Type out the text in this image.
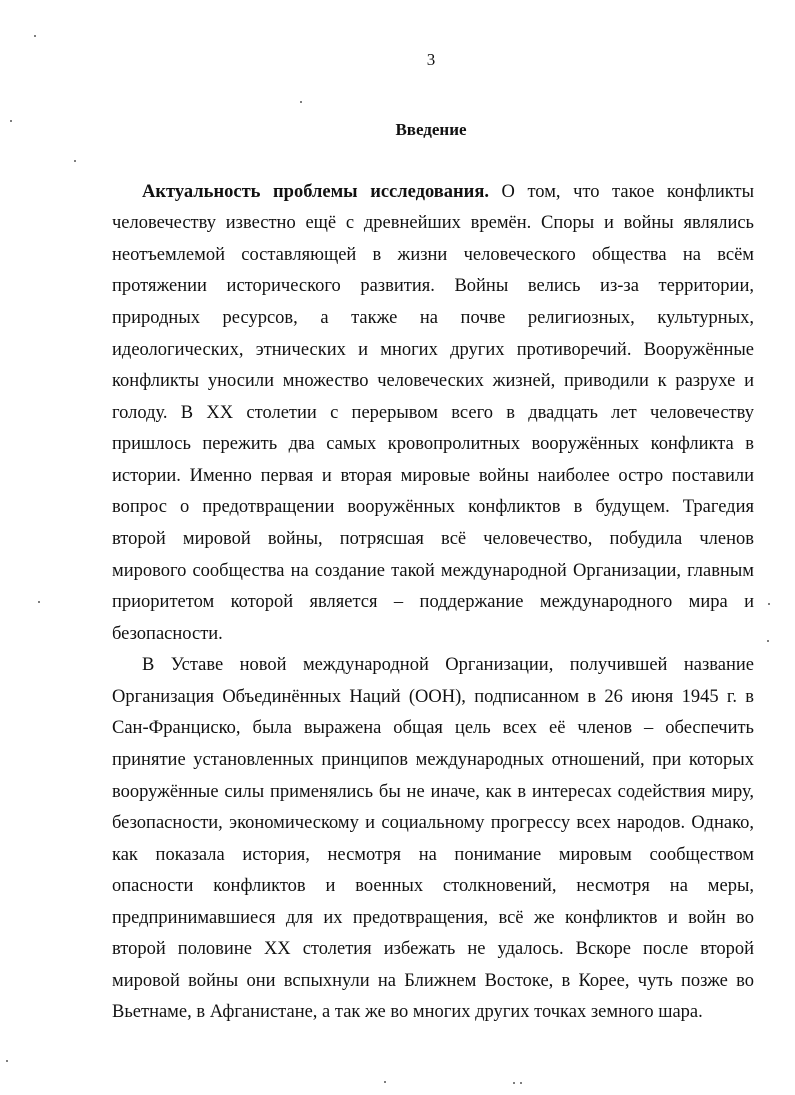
3
Введение
Актуальность проблемы исследования. О том, что такое конфликты
человечеству известно ещё с древнейших времён. Споры и войны являлись
неотъемлемой составляющей в жизни человеческого общества на всём
протяжении исторического развития. Войны велись из-за территории,
природных ресурсов, а также на почве религиозных, культурных,
идеологических, этнических и многих других противоречий. Вооружённые
конфликты уносили множество человеческих жизней, приводили к разрухе и
голоду. В XX столетии с перерывом всего в двадцать лет человечеству
пришлось пережить два самых кровопролитных вооружённых конфликта в
истории. Именно первая и вторая мировые войны наиболее остро поставили
вопрос о предотвращении вооружённых конфликтов в будущем. Трагедия
второй мировой войны, потрясшая всё человечество, побудила членов
мирового сообщества на создание такой международной Организации, главным
приоритетом которой является – поддержание международного мира и
безопасности.
В Уставе новой международной Организации, получившей название
Организация Объединённых Наций (ООН), подписанном в 26 июня 1945 г. в
Сан-Франциско, была выражена общая цель всех её членов – обеспечить
принятие установленных принципов международных отношений, при которых
вооружённые силы применялись бы не иначе, как в интересах содействия миру,
безопасности, экономическому и социальному прогрессу всех народов. Однако,
как показала история, несмотря на понимание мировым сообществом
опасности конфликтов и военных столкновений, несмотря на меры,
предпринимавшиеся для их предотвращения, всё же конфликтов и войн во
второй половине XX столетия избежать не удалось. Вскоре после второй
мировой войны они вспыхнули на Ближнем Востоке, в Корее, чуть позже во
Вьетнаме, в Афганистане, а так же во многих других точках земного шара.
